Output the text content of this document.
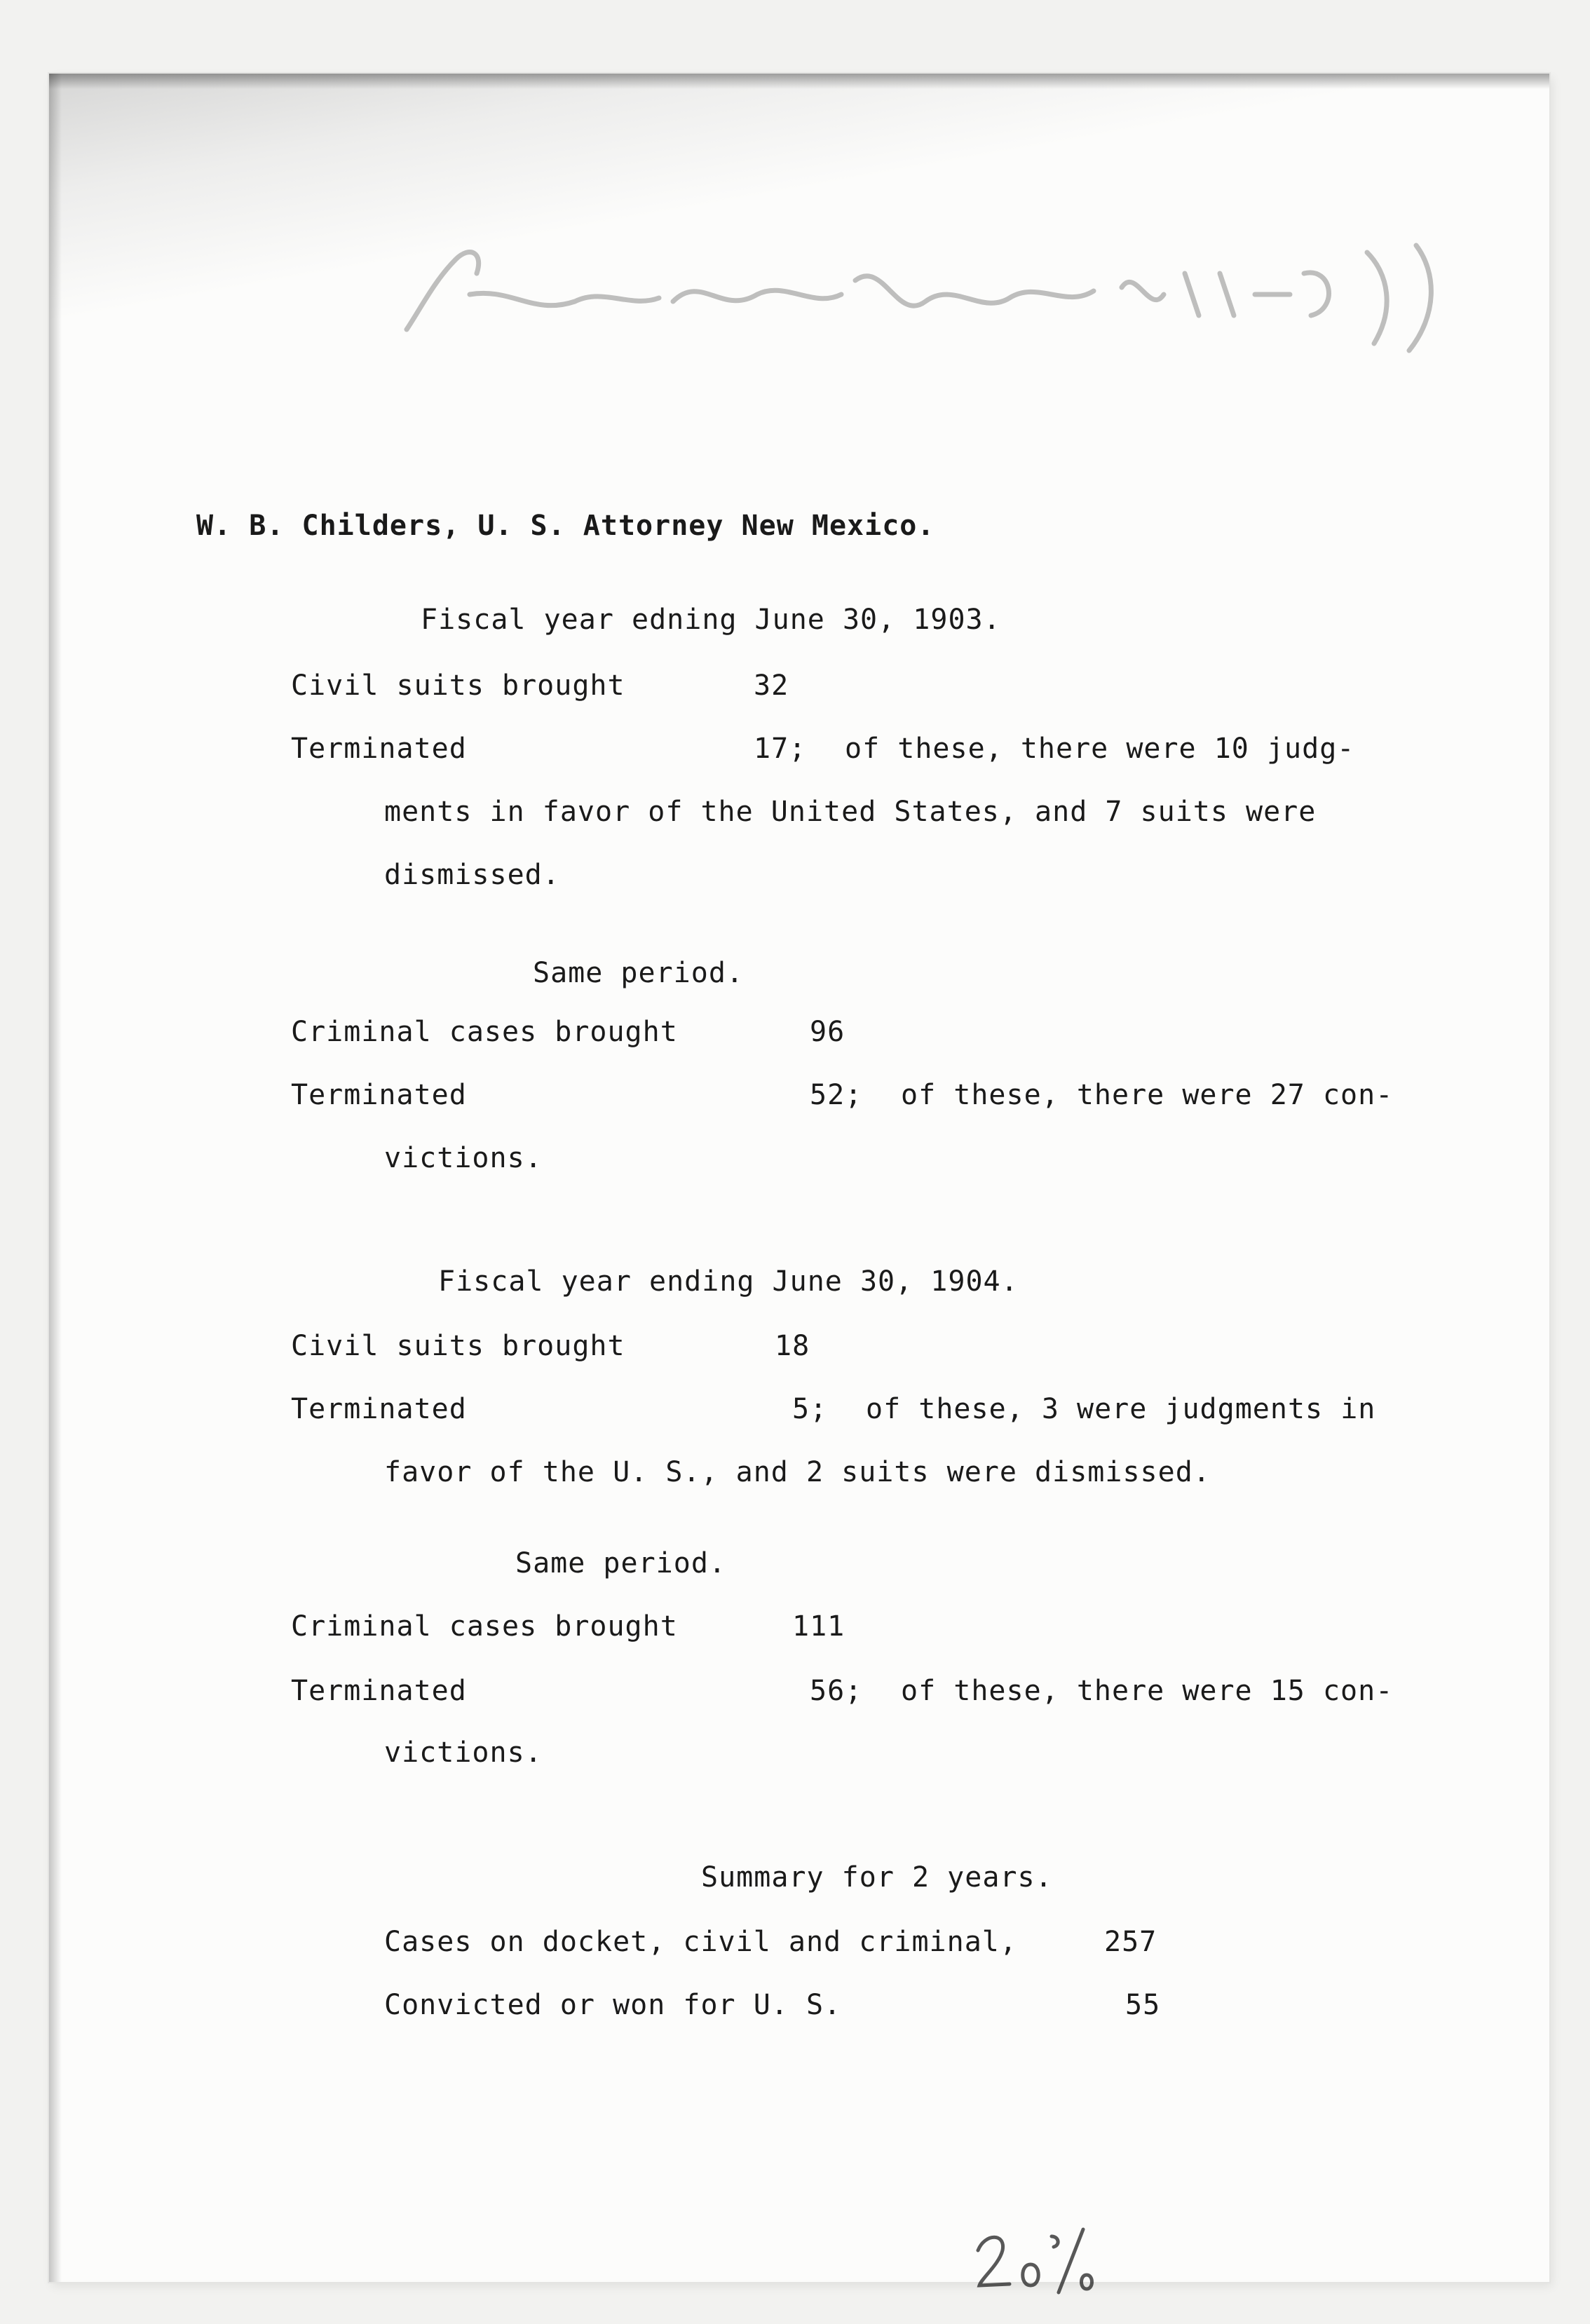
W. B. Childers, U. S. Attorney New Mexico.
Fiscal year edning June 30, 1903.
Civil suits brought	32
Terminated	17; of these, there were 10 judg-
ments in favor of the United States, and 7 suits were
dismissed.
Same period.
Criminal cases brought	96
Terminated	52; of these, there were 27 con-
victions.
Fiscal year ending June 30, 1904.
Civil suits brought	18
Terminated	5; of these, 3 were judgments in
favor of the U. S., and 2 suits were dismissed.
Same period.
Criminal cases brought	111
Terminated	56; of these, there were 15 con-
victions.
Summary for 2 years.
Cases on docket, civil and criminal,	257
Convicted or won for U. S.	55
